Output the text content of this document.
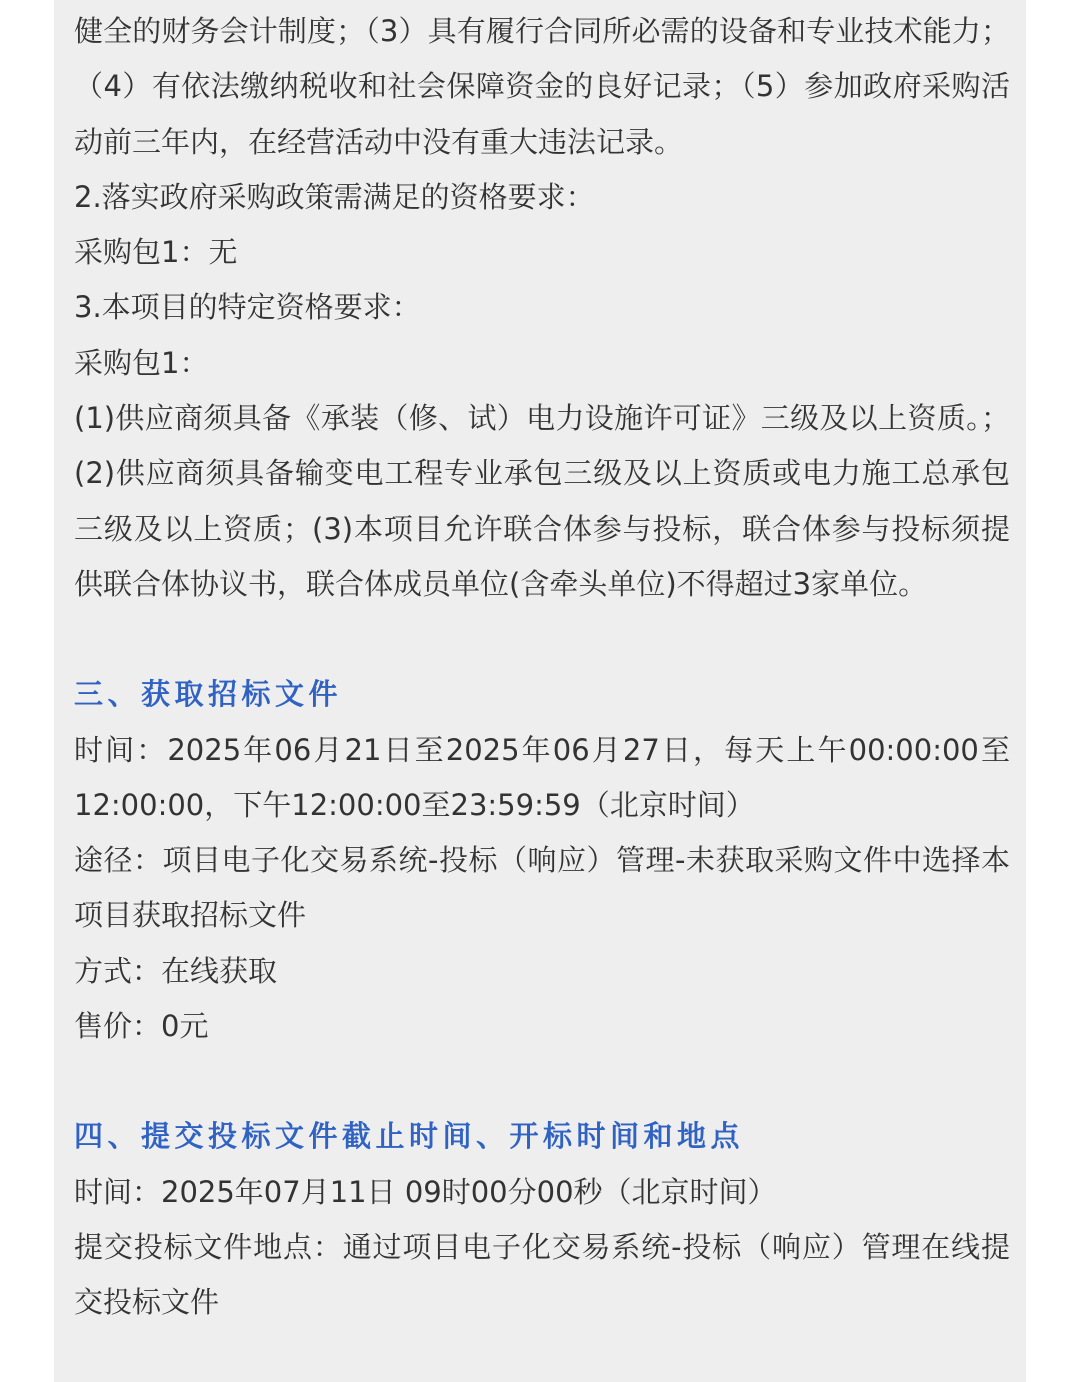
健全的财务会计制度；（3）具有履行合同所必需的设备和专业技术能力；（4）有依法缴纳税收和社会保障资金的良好记录；（5）参加政府采购活动前三年内，在经营活动中没有重大违法记录。

2.落实政府采购政策需满足的资格要求：

采购包1：无

3.本项目的特定资格要求：

采购包1：

(1)供应商须具备《承装（修、试）电力设施许可证》三级及以上资质。；(2)供应商须具备输变电工程专业承包三级及以上资质或电力施工总承包三级及以上资质；(3)本项目允许联合体参与投标，联合体参与投标须提供联合体协议书，联合体成员单位(含牵头单位)不得超过3家单位。

三、获取招标文件

时间：2025年06月21日至2025年06月27日，每天上午00:00:00至12:00:00，下午12:00:00至23:59:59（北京时间）

途径：项目电子化交易系统-投标（响应）管理-未获取采购文件中选择本项目获取招标文件

方式：在线获取

售价：0元

四、提交投标文件截止时间、开标时间和地点

时间：2025年07月11日 09时00分00秒（北京时间）

提交投标文件地点：通过项目电子化交易系统-投标（响应）管理在线提交投标文件
